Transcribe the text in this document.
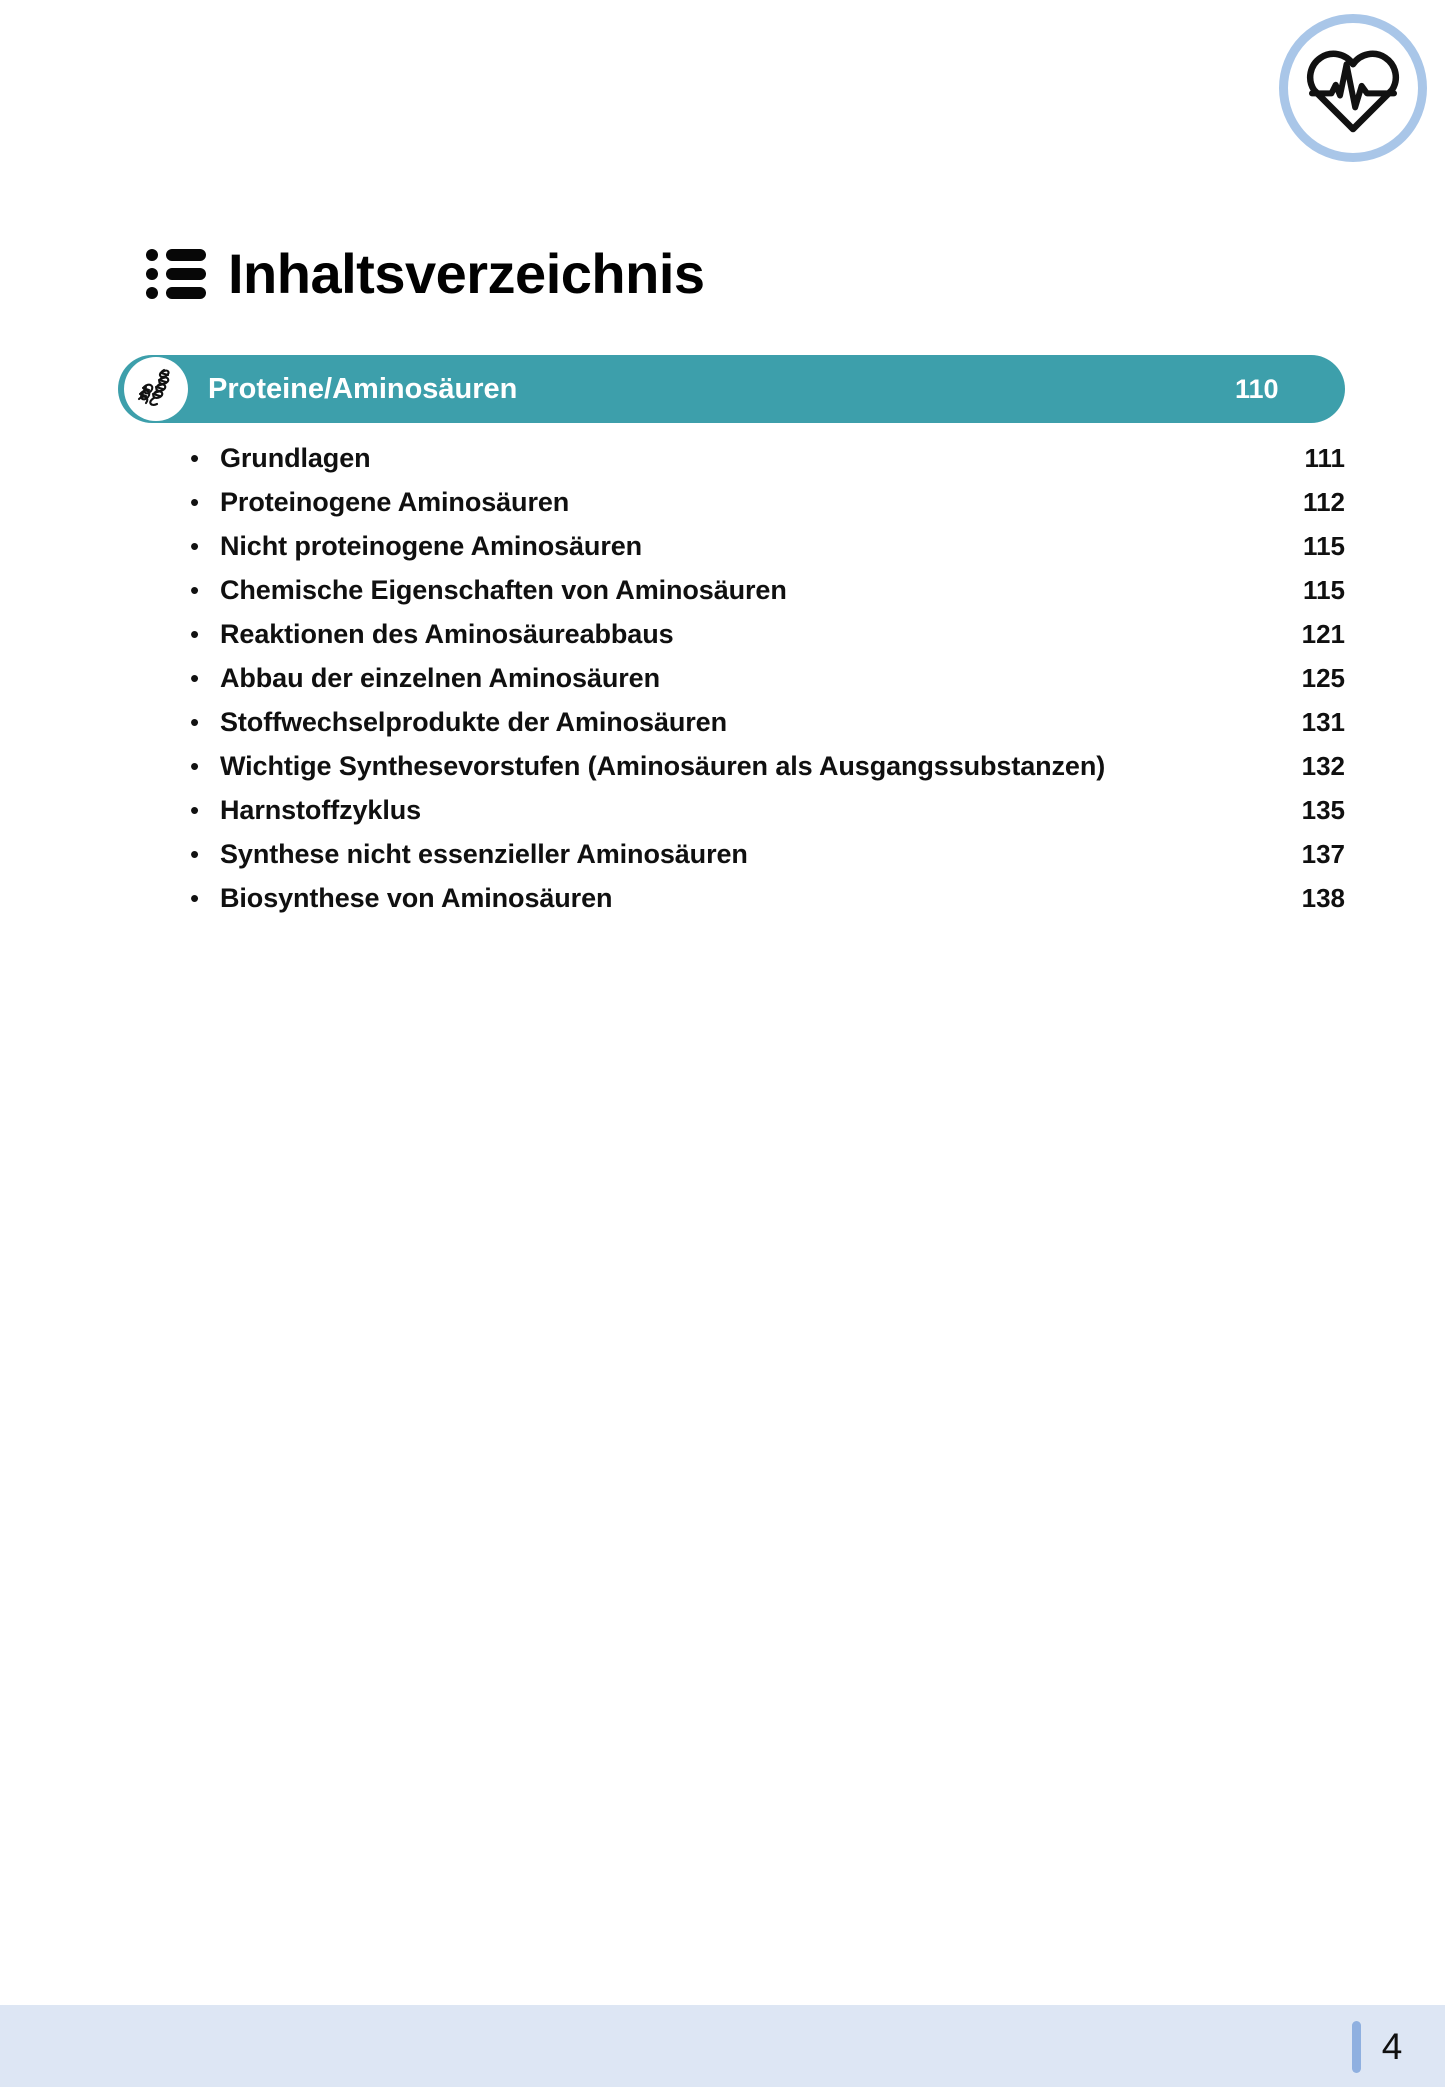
Inhaltsverzeichnis
Proteine/Aminosäuren	110
• Grundlagen	111
• Proteinogene Aminosäuren	112
• Nicht proteinogene Aminosäuren	115
• Chemische Eigenschaften von Aminosäuren	115
• Reaktionen des Aminosäureabbaus	121
• Abbau der einzelnen Aminosäuren	125
• Stoffwechselprodukte der Aminosäuren	131
• Wichtige Synthesevorstufen (Aminosäuren als Ausgangssubstanzen)	132
• Harnstoffzyklus	135
• Synthese nicht essenzieller Aminosäuren	137
• Biosynthese von Aminosäuren	138
4
